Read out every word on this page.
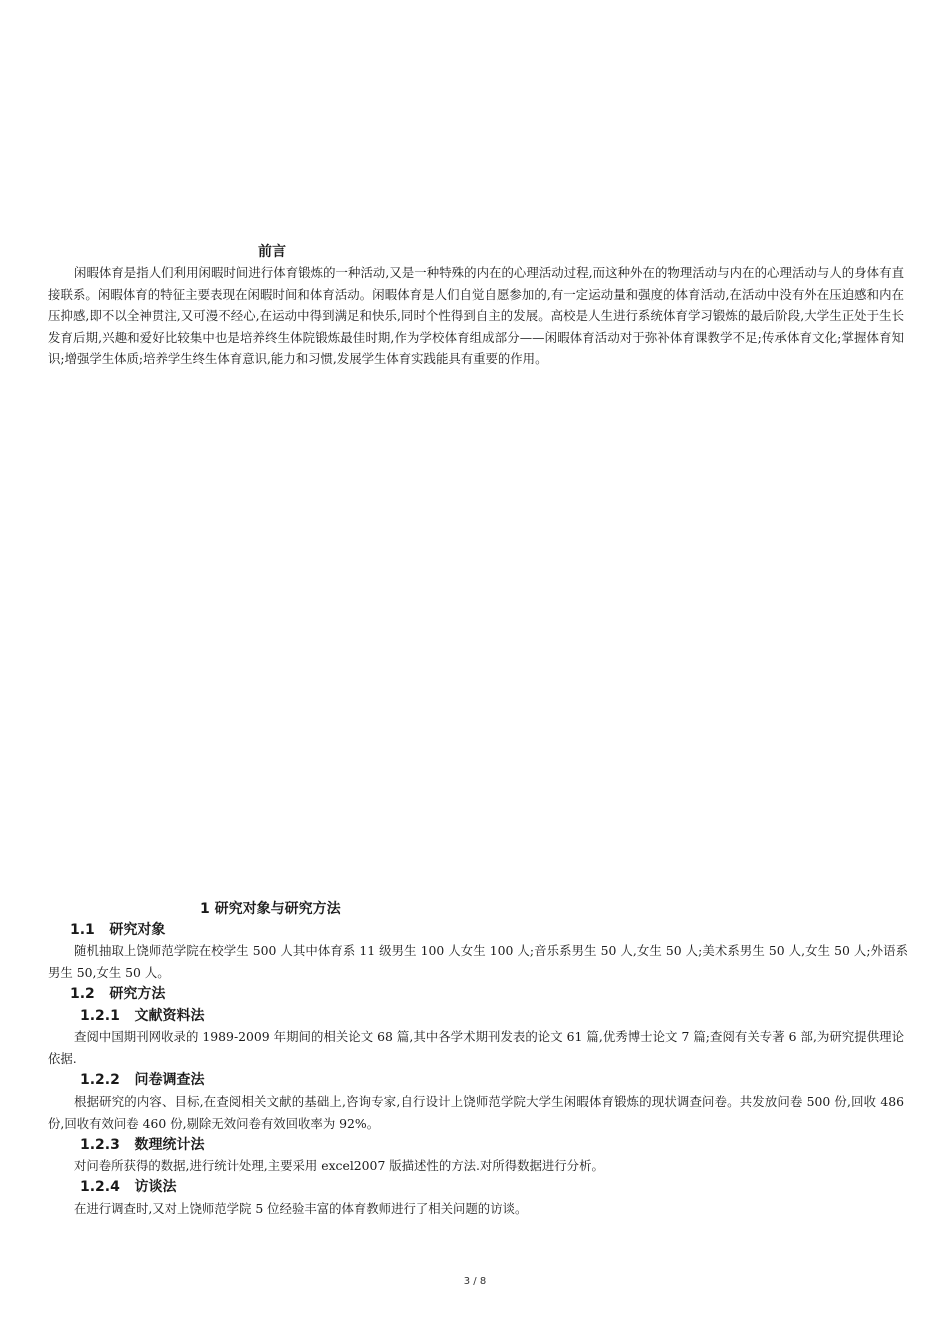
前言
闲暇体育是指人们利用闲暇时间进行体育锻炼的一种活动,又是一种特殊的内在的心理活动过程,而这种外在的物理活动与内在的心理活动与人的身体有直接联系。闲暇体育的特征主要表现在闲暇时间和体育活动。闲暇体育是人们自觉自愿参加的,有一定运动量和强度的体育活动,在活动中没有外在压迫感和内在压抑感,即不以全神贯注,又可漫不经心,在运动中得到满足和快乐,同时个性得到自主的发展。高校是人生进行系统体育学习锻炼的最后阶段,大学生正处于生长发育后期,兴趣和爱好比较集中也是培养终生体院锻炼最佳时期,作为学校体育组成部分——闲暇体育活动对于弥补体育课教学不足;传承体育文化;掌握体育知识;增强学生体质;培养学生终生体育意识,能力和习惯,发展学生体育实践能具有重要的作用。
1 研究对象与研究方法
1.1   研究对象
随机抽取上饶师范学院在校学生 500 人其中体育系 11 级男生 100 人女生 100 人;音乐系男生 50 人,女生 50 人;美术系男生 50 人,女生 50 人;外语系男生 50,女生 50 人。
1.2   研究方法
1.2.1   文献资料法
查阅中国期刊网收录的 1989-2009 年期间的相关论文 68 篇,其中各学术期刊发表的论文 61 篇,优秀博士论文 7 篇;查阅有关专著 6 部,为研究提供理论依据.
1.2.2   问卷调查法
根据研究的内容、目标,在查阅相关文献的基础上,咨询专家,自行设计上饶师范学院大学生闲暇体育锻炼的现状调查问卷。共发放问卷 500 份,回收 486 份,回收有效问卷 460 份,剔除无效问卷有效回收率为 92%。
1.2.3   数理统计法
对问卷所获得的数据,进行统计处理,主要采用 excel2007 版描述性的方法.对所得数据进行分析。
1.2.4   访谈法
在进行调查时,又对上饶师范学院 5 位经验丰富的体育教师进行了相关问题的访谈。
3 / 8
